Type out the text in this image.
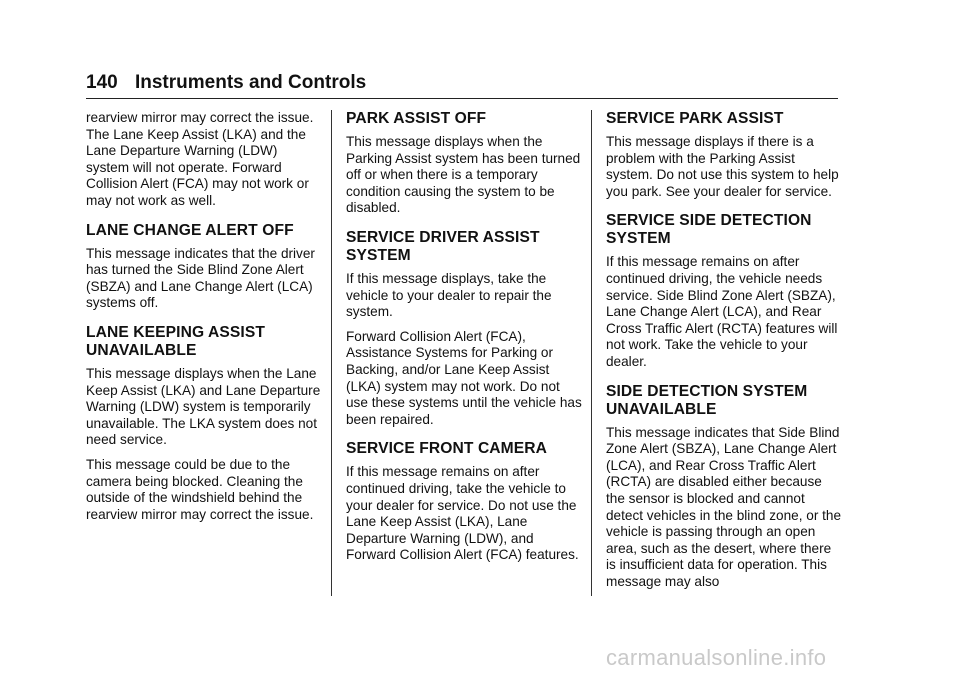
140 Instruments and Controls

rearview mirror may correct the issue. The Lane Keep Assist (LKA) and the Lane Departure Warning (LDW) system will not operate. Forward Collision Alert (FCA) may not work or may not work as well.

LANE CHANGE ALERT OFF

This message indicates that the driver has turned the Side Blind Zone Alert (SBZA) and Lane Change Alert (LCA) systems off.

LANE KEEPING ASSIST UNAVAILABLE

This message displays when the Lane Keep Assist (LKA) and Lane Departure Warning (LDW) system is temporarily unavailable. The LKA system does not need service.

This message could be due to the camera being blocked. Cleaning the outside of the windshield behind the rearview mirror may correct the issue.

PARK ASSIST OFF

This message displays when the Parking Assist system has been turned off or when there is a temporary condition causing the system to be disabled.

SERVICE DRIVER ASSIST SYSTEM

If this message displays, take the vehicle to your dealer to repair the system.

Forward Collision Alert (FCA), Assistance Systems for Parking or Backing, and/or Lane Keep Assist (LKA) system may not work. Do not use these systems until the vehicle has been repaired.

SERVICE FRONT CAMERA

If this message remains on after continued driving, take the vehicle to your dealer for service. Do not use the Lane Keep Assist (LKA), Lane Departure Warning (LDW), and Forward Collision Alert (FCA) features.

SERVICE PARK ASSIST

This message displays if there is a problem with the Parking Assist system. Do not use this system to help you park. See your dealer for service.

SERVICE SIDE DETECTION SYSTEM

If this message remains on after continued driving, the vehicle needs service. Side Blind Zone Alert (SBZA), Lane Change Alert (LCA), and Rear Cross Traffic Alert (RCTA) features will not work. Take the vehicle to your dealer.

SIDE DETECTION SYSTEM UNAVAILABLE

This message indicates that Side Blind Zone Alert (SBZA), Lane Change Alert (LCA), and Rear Cross Traffic Alert (RCTA) are disabled either because the sensor is blocked and cannot detect vehicles in the blind zone, or the vehicle is passing through an open area, such as the desert, where there is insufficient data for operation. This message may also

carmanualsonline.info
